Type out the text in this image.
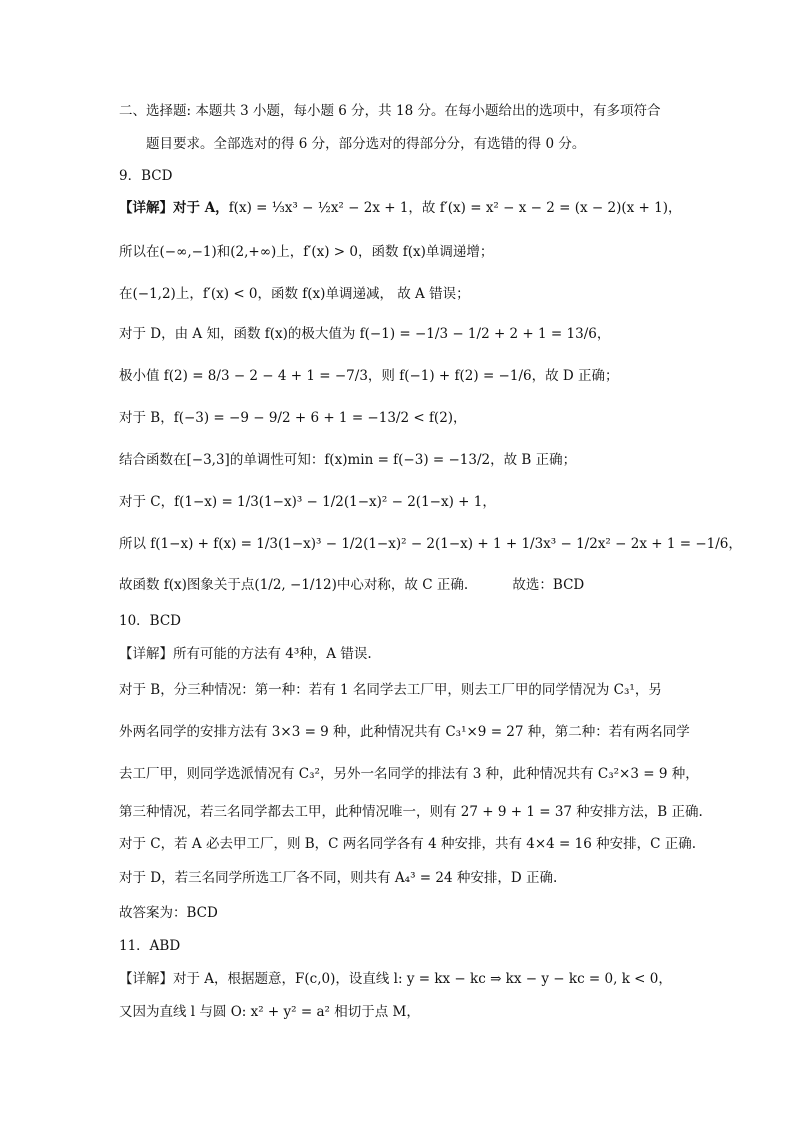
二、选择题: 本题共 3 小题，每小题 6 分，共 18 分。在每小题给出的选项中，有多项符合
题目要求。全部选对的得 6 分，部分选对的得部分分，有选错的得 0 分。
9．BCD
【详解】对于 A，f(x) = ⅓x³ − ½x² − 2x + 1，故 f′(x) = x² − x − 2 = (x − 2)(x + 1)，
所以在(−∞,−1)和(2,+∞)上，f′(x) > 0，函数 f(x)单调递增；
在(−1,2)上，f′(x) < 0，函数 f(x)单调递减， 故 A 错误；
对于 D，由 A 知，函数 f(x)的极大值为 f(−1) = −1/3 − 1/2 + 2 + 1 = 13/6，
极小值 f(2) = 8/3 − 2 − 4 + 1 = −7/3，则 f(−1) + f(2) = −1/6，故 D 正确；
对于 B，f(−3) = −9 − 9/2 + 6 + 1 = −13/2 < f(2)，
结合函数在[−3,3]的单调性可知：f(x)min = f(−3) = −13/2，故 B 正确；
对于 C，f(1−x) = 1/3(1−x)³ − 1/2(1−x)² − 2(1−x) + 1，
所以 f(1−x) + f(x) = 1/3(1−x)³ − 1/2(1−x)² − 2(1−x) + 1 + 1/3x³ − 1/2x² − 2x + 1 = −1/6，
故函数 f(x)图象关于点(1/2, −1/12)中心对称，故 C 正确.	故选：BCD
10．BCD
【详解】所有可能的方法有 4³种，A 错误.
对于 B，分三种情况：第一种：若有 1 名同学去工厂甲，则去工厂甲的同学情况为 C₃¹，另
外两名同学的安排方法有 3×3 = 9 种，此种情况共有 C₃¹×9 = 27 种，第二种：若有两名同学
去工厂甲，则同学选派情况有 C₃²，另外一名同学的排法有 3 种，此种情况共有 C₃²×3 = 9 种，
第三种情况，若三名同学都去工甲，此种情况唯一，则有 27 + 9 + 1 = 37 种安排方法，B 正确.
对于 C，若 A 必去甲工厂，则 B，C 两名同学各有 4 种安排，共有 4×4 = 16 种安排，C 正确.
对于 D，若三名同学所选工厂各不同，则共有 A₄³ = 24 种安排，D 正确.
故答案为：BCD
11．ABD
【详解】对于 A，根据题意，F(c,0)，设直线 l: y = kx − kc ⇒ kx − y − kc = 0, k < 0，
又因为直线 l 与圆 O: x² + y² = a² 相切于点 M，
